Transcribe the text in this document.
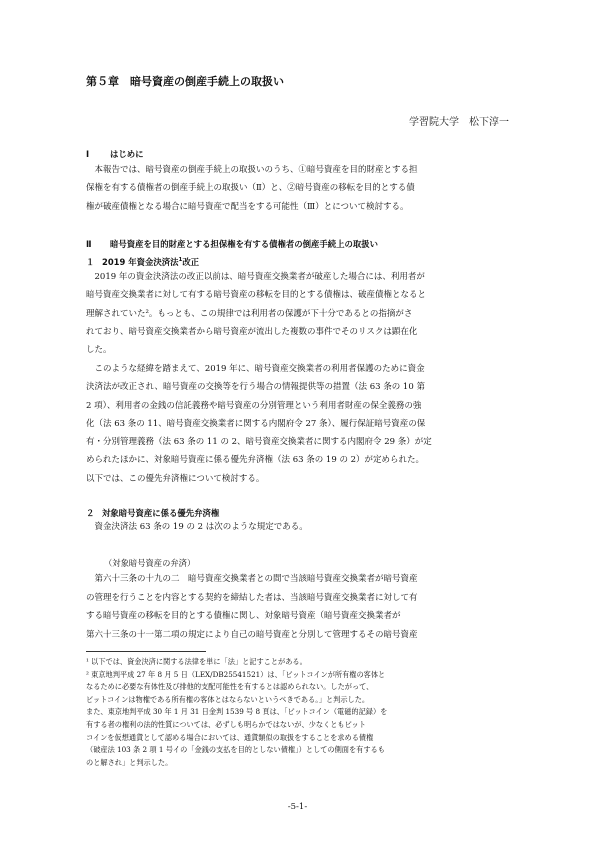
第５章　暗号資産の倒産手続上の取扱い
学習院大学　松下淳一
Ⅰ はじめに
　本報告では、暗号資産の倒産手続上の取扱いのうち、①暗号資産を目的財産とする担
保権を有する債権者の倒産手続上の取扱い（Ⅱ）と、②暗号資産の移転を目的とする債
権が破産債権となる場合に暗号資産で配当をする可能性（Ⅲ）とについて検討する。
Ⅱ 暗号資産を目的財産とする担保権を有する債権者の倒産手続上の取扱い
１ 2019 年資金決済法$^1$改正
　2019 年の資金決済法の改正以前は、暗号資産交換業者が破産した場合には、利用者が
暗号資産交換業者に対して有する暗号資産の移転を目的とする債権は、破産債権となると
理解されていた²。もっとも、この規律では利用者の保護が下十分であるとの指摘がさ
れており、暗号資産交換業者から暗号資産が流出した複数の事件でそのリスクは顕在化
した。
　このような経緯を踏まえて、2019 年に、暗号資産交換業者の利用者保護のために資金
決済法が改正され、暗号資産の交換等を行う場合の情報提供等の措置（法 63 条の 10 第
2 項）、利用者の金銭の信託義務や暗号資産の分別管理という利用者財産の保全義務の強
化（法 63 条の 11、暗号資産交換業者に関する内閣府令 27 条）、履行保証暗号資産の保
有・分別管理義務（法 63 条の 11 の 2、暗号資産交換業者に関する内閣府令 29 条）が定
められたほかに、対象暗号資産に係る優先弁済権（法 63 条の 19 の 2）が定められた。
以下では、この優先弁済権について検討する。
２ 対象暗号資産に係る優先弁済権
　資金決済法 63 条の 19 の 2 は次のような規定である。
（対象暗号資産の弁済）
　第六十三条の十九の二　暗号資産交換業者との間で当該暗号資産交換業者が暗号資産
の管理を行うことを内容とする契約を締結した者は、当該暗号資産交換業者に対して有
する暗号資産の移転を目的とする債権に関し、対象暗号資産（暗号資産交換業者が
第六十三条の十一第二項の規定により自己の暗号資産と分別して管理するその暗号資産
¹ 以下では、資金決済に関する法律を単に「法」と記すことがある。
² 東京地判平成 27 年 8 月 5 日（LEX/DB25541521）は、「ビットコインが所有権の客体と
なるために必要な有体性及び排他的支配可能性を有するとは認められない。したがって、
ビットコインは物権である所有権の客体とはならないというべきである。」と判示した。
また、東京地判平成 30 年 1 月 31 日金判 1539 号 8 頁は、「ビットコイン（電磁的記録）を
有する者の権利の法的性質については、必ずしも明らかではないが、少なくともビット
コインを仮想通貨として認める場合においては、通貨類似の取扱をすることを求める債権
（破産法 103 条 2 項 1 号イの「金銭の支払を目的としない債権」）としての側面を有するも
のと解され」と判示した。
-5-1-
